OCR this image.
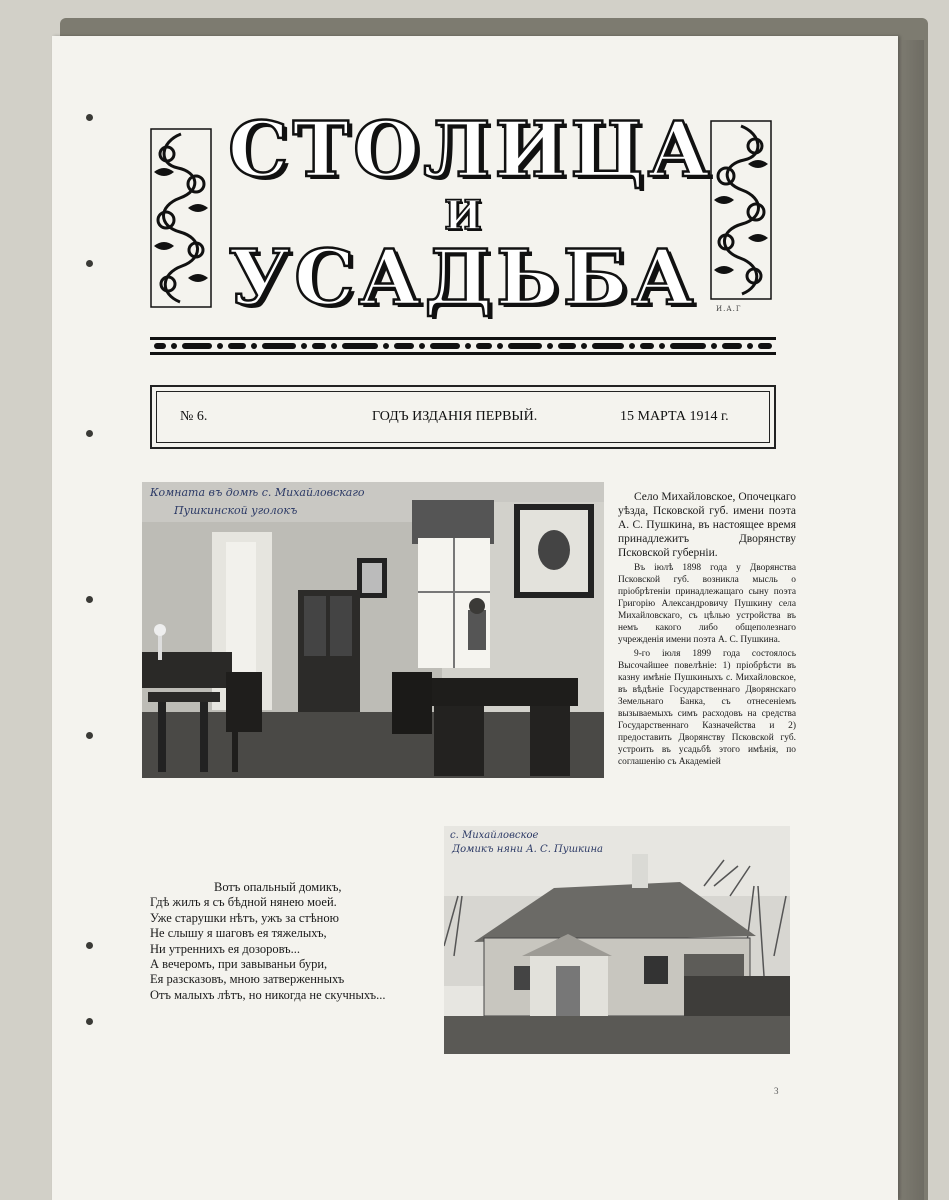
СТОЛИЦА
И
УСАДЬБА	И.А.Г
№ 6.	ГОДЪ ИЗДАНІЯ ПЕРВЫЙ.	15 МАРТА 1914 г.
Комната въ домѣ с. Михайловскаго
Пушкинской уголокъ

Село Михайловское, Опочецкаго уѣзда, Псковской губ. имени поэта А. С. Пушкина, въ настоящее время принадлежитъ Дворянству Псковской губерніи.

Въ іюлѣ 1898 года у Дворянства Псковской губ. возникла мысль о пріобрѣтеніи принадлежащаго сыну поэта Григорію Александровичу Пушкину села Михайловскаго, съ цѣлью устройства въ немъ какого либо общеполезнаго учрежденія имени поэта А. С. Пушкина.

9-го іюля 1899 года состоялось Высочайшее повелѣніе: 1) пріобрѣсти въ казну имѣніе Пушкиныхъ с. Михайловское, въ вѣдѣніе Государственнаго Дворянскаго Земельнаго Банка, съ отнесеніемъ вызываемыхъ симъ расходовъ на средства Государственнаго Казначейства и 2) предоставить Дворянству Псковской губ. устроить въ усадьбѣ этого имѣнія, по соглашенію съ Академіей

с. Михайловское
Домикъ няни А. С. Пушкина
Вотъ опальный домикъ,
Гдѣ жилъ я съ бѣдной нянею моей.
Уже старушки нѣтъ, ужъ за стѣною
Не слышу я шаговъ ея тяжелыхъ,
Ни утреннихъ ея дозоровъ...
А вечеромъ, при завываньи бури,
Ея разсказовъ, мною затверженныхъ
Отъ малыхъ лѣтъ, но никогда не скучныхъ...
3
